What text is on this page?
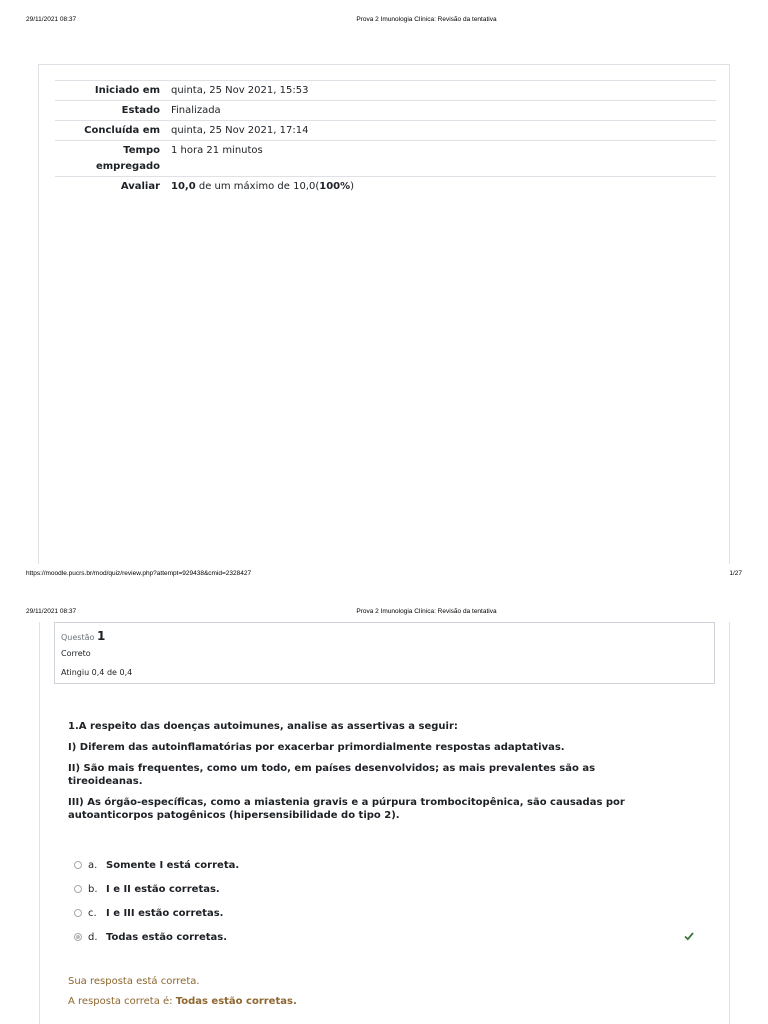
29/11/2021 08:37	Prova 2 Imunologia Clínica: Revisão da tentativa
Iniciado em	quinta, 25 Nov 2021, 15:53
Estado	Finalizada
Concluída em	quinta, 25 Nov 2021, 17:14
Tempo empregado	1 hora 21 minutos
Avaliar	10,0 de um máximo de 10,0(100%)
https://moodle.pucrs.br/mod/quiz/review.php?attempt=929438&cmid=2328427	1/27
29/11/2021 08:37	Prova 2 Imunologia Clínica: Revisão da tentativa
Questão 1
Correto
Atingiu 0,4 de 0,4

1.A respeito das doenças autoimunes, analise as assertivas a seguir:

I) Diferem das autoinflamatórias por exacerbar primordialmente respostas adaptativas.

II) São mais frequentes, como um todo, em países desenvolvidos; as mais prevalentes são as tireoideanas.

III) As órgão-específicas, como a miastenia gravis e a púrpura trombocitopênica, são causadas por autoanticorpos patogênicos (hipersensibilidade do tipo 2).

a. Somente I está correta.
b. I e II estão corretas.
c. I e III estão corretas.
d. Todas estão corretas.

Sua resposta está correta.

A resposta correta é: Todas estão corretas.
